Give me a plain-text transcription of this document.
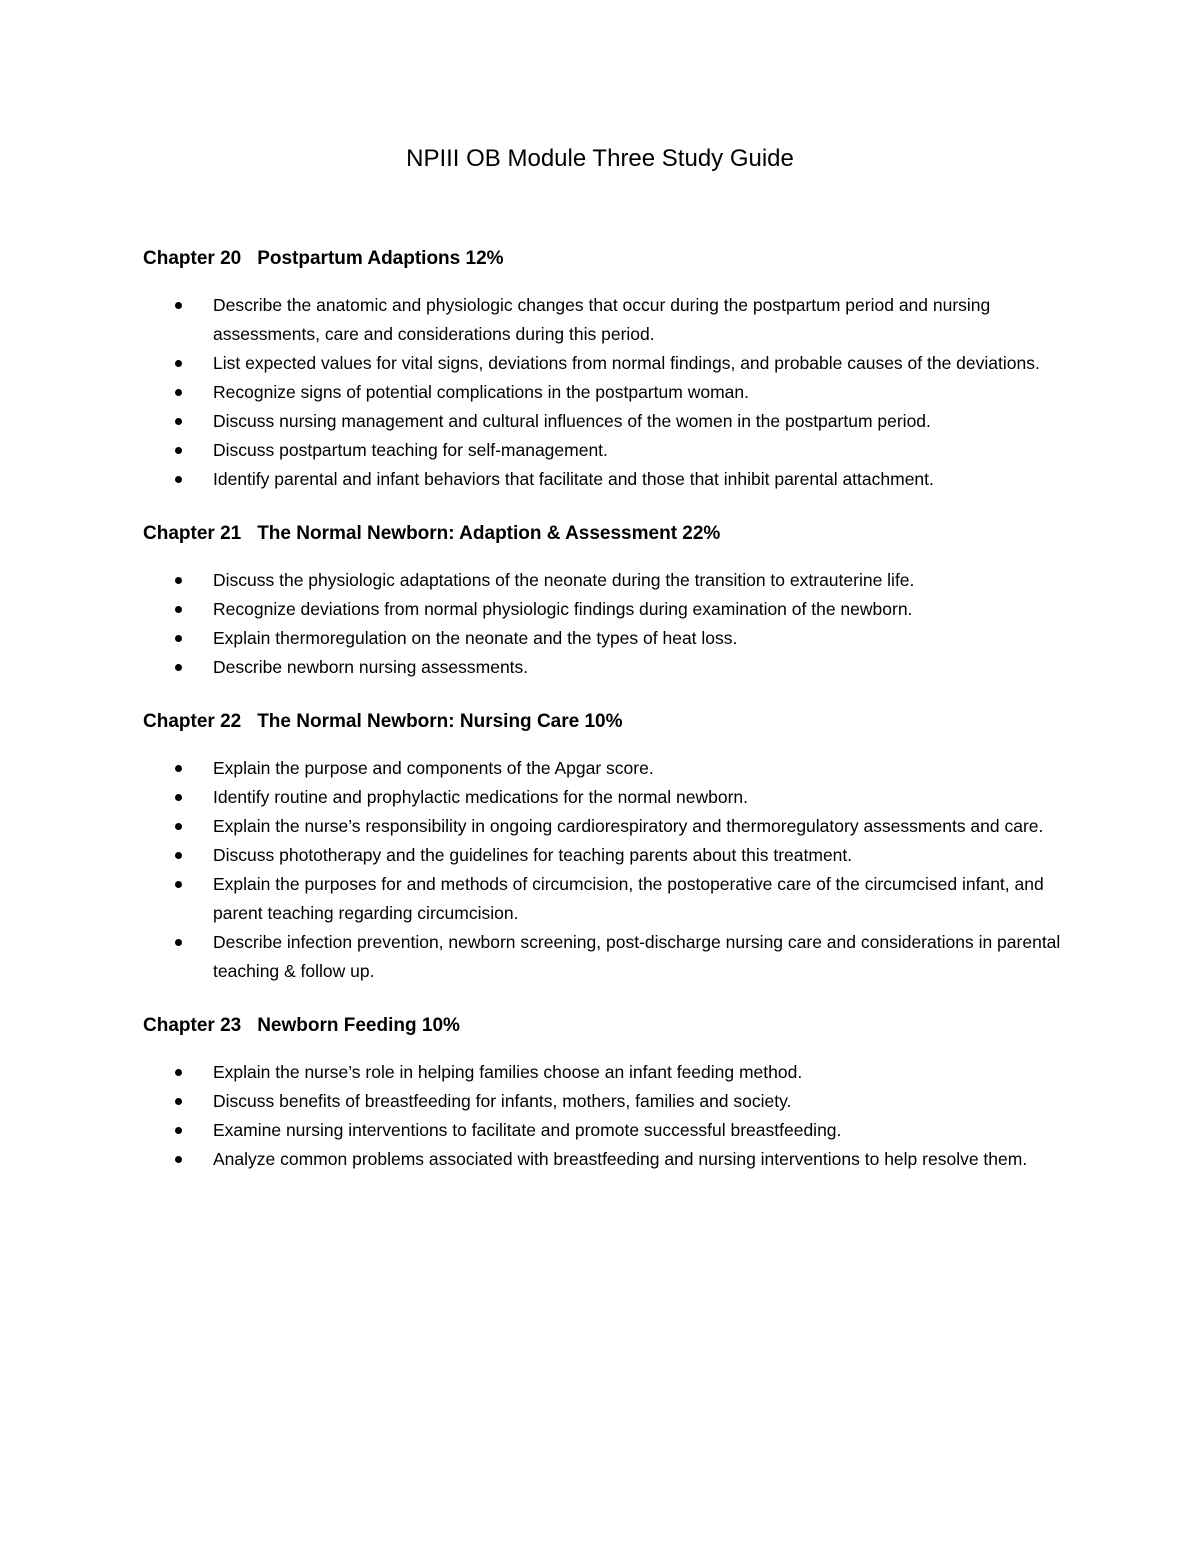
NPIII OB Module Three Study Guide
Chapter 20 Postpartum Adaptions 12%
Describe the anatomic and physiologic changes that occur during the postpartum period and nursing assessments, care and considerations during this period.
List expected values for vital signs, deviations from normal findings, and probable causes of the deviations.
Recognize signs of potential complications in the postpartum woman.
Discuss nursing management and cultural influences of the women in the postpartum period.
Discuss postpartum teaching for self-management.
Identify parental and infant behaviors that facilitate and those that inhibit parental attachment.
Chapter 21 The Normal Newborn: Adaption & Assessment 22%
Discuss the physiologic adaptations of the neonate during the transition to extrauterine life.
Recognize deviations from normal physiologic findings during examination of the newborn.
Explain thermoregulation on the neonate and the types of heat loss.
Describe newborn nursing assessments.
Chapter 22 The Normal Newborn: Nursing Care 10%
Explain the purpose and components of the Apgar score.
Identify routine and prophylactic medications for the normal newborn.
Explain the nurse’s responsibility in ongoing cardiorespiratory and thermoregulatory assessments and care.
Discuss phototherapy and the guidelines for teaching parents about this treatment.
Explain the purposes for and methods of circumcision, the postoperative care of the circumcised infant, and parent teaching regarding circumcision.
Describe infection prevention, newborn screening, post-discharge nursing care and considerations in parental teaching & follow up.
Chapter 23 Newborn Feeding 10%
Explain the nurse’s role in helping families choose an infant feeding method.
Discuss benefits of breastfeeding for infants, mothers, families and society.
Examine nursing interventions to facilitate and promote successful breastfeeding.
Analyze common problems associated with breastfeeding and nursing interventions to help resolve them.
